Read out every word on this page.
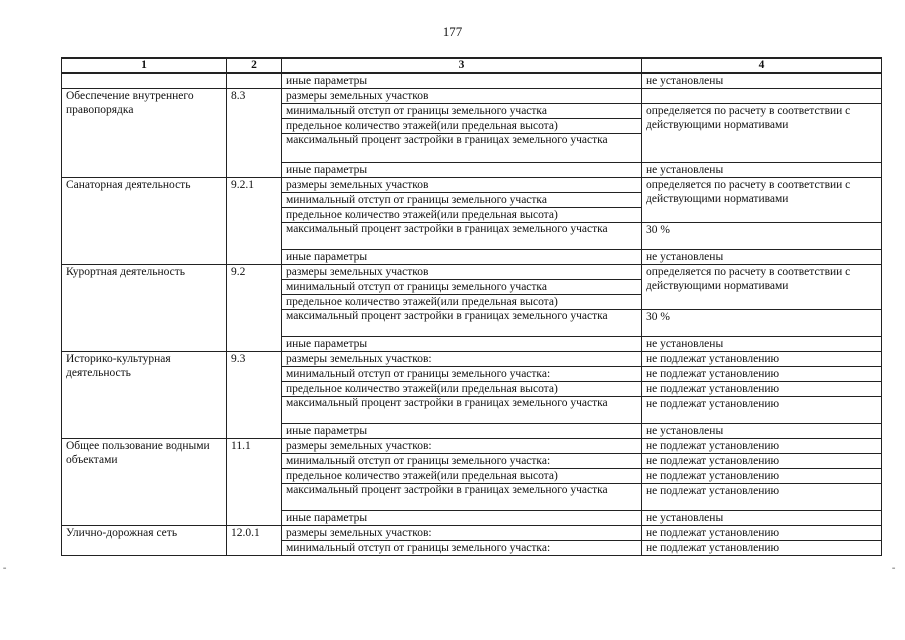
177
1	2	3	4	
		иные параметры	не установлены	
Обеспечение внутреннего правопорядка	8.3	размеры земельных участков		
		минимальный отступ от границы земельного участка	определяется по расчету в соответствии с действующими нормативами	
		предельное количество этажей(или предельная высота)		
		максимальный процент застройки в границах земельного участка	
		иные параметры	не установлены	
Санаторная деятельность	9.2.1	размеры земельных участков	определяется по расчету в соответствии с действующими нормативами	
		минимальный отступ от границы земельного участка		
		предельное количество этажей(или предельная высота)		
		максимальный процент застройки в границах земельного участка	30 %	
		иные параметры	не установлены	
Курортная деятельность	9.2	размеры земельных участков	определяется по расчету в соответствии с действующими нормативами	
		минимальный отступ от границы земельного участка		
		предельное количество этажей(или предельная высота)		
		максимальный процент застройки в границах земельного участка	30 %	
		иные параметры	не установлены	
Историко-культурная деятельность	9.3	размеры земельных участков:	не подлежат установлению	
		минимальный отступ от границы земельного участка:	не подлежат установлению	
		предельное количество этажей(или предельная высота)	не подлежат установлению	
		максимальный процент застройки в границах земельного участка	не подлежат установлению	
		иные параметры	не установлены	
Общее пользование водными объектами	11.1	размеры земельных участков:	не подлежат установлению	
		минимальный отступ от границы земельного участка:	не подлежат установлению	
		предельное количество этажей(или предельная высота)	не подлежат установлению	
		максимальный процент застройки в границах земельного участка	не подлежат установлению	
		иные параметры	не установлены	
Улично-дорожная сеть	12.0.1	размеры земельных участков:	не подлежат установлению	
		минимальный отступ от границы земельного участка:	не подлежат установлению	
≡	≡
